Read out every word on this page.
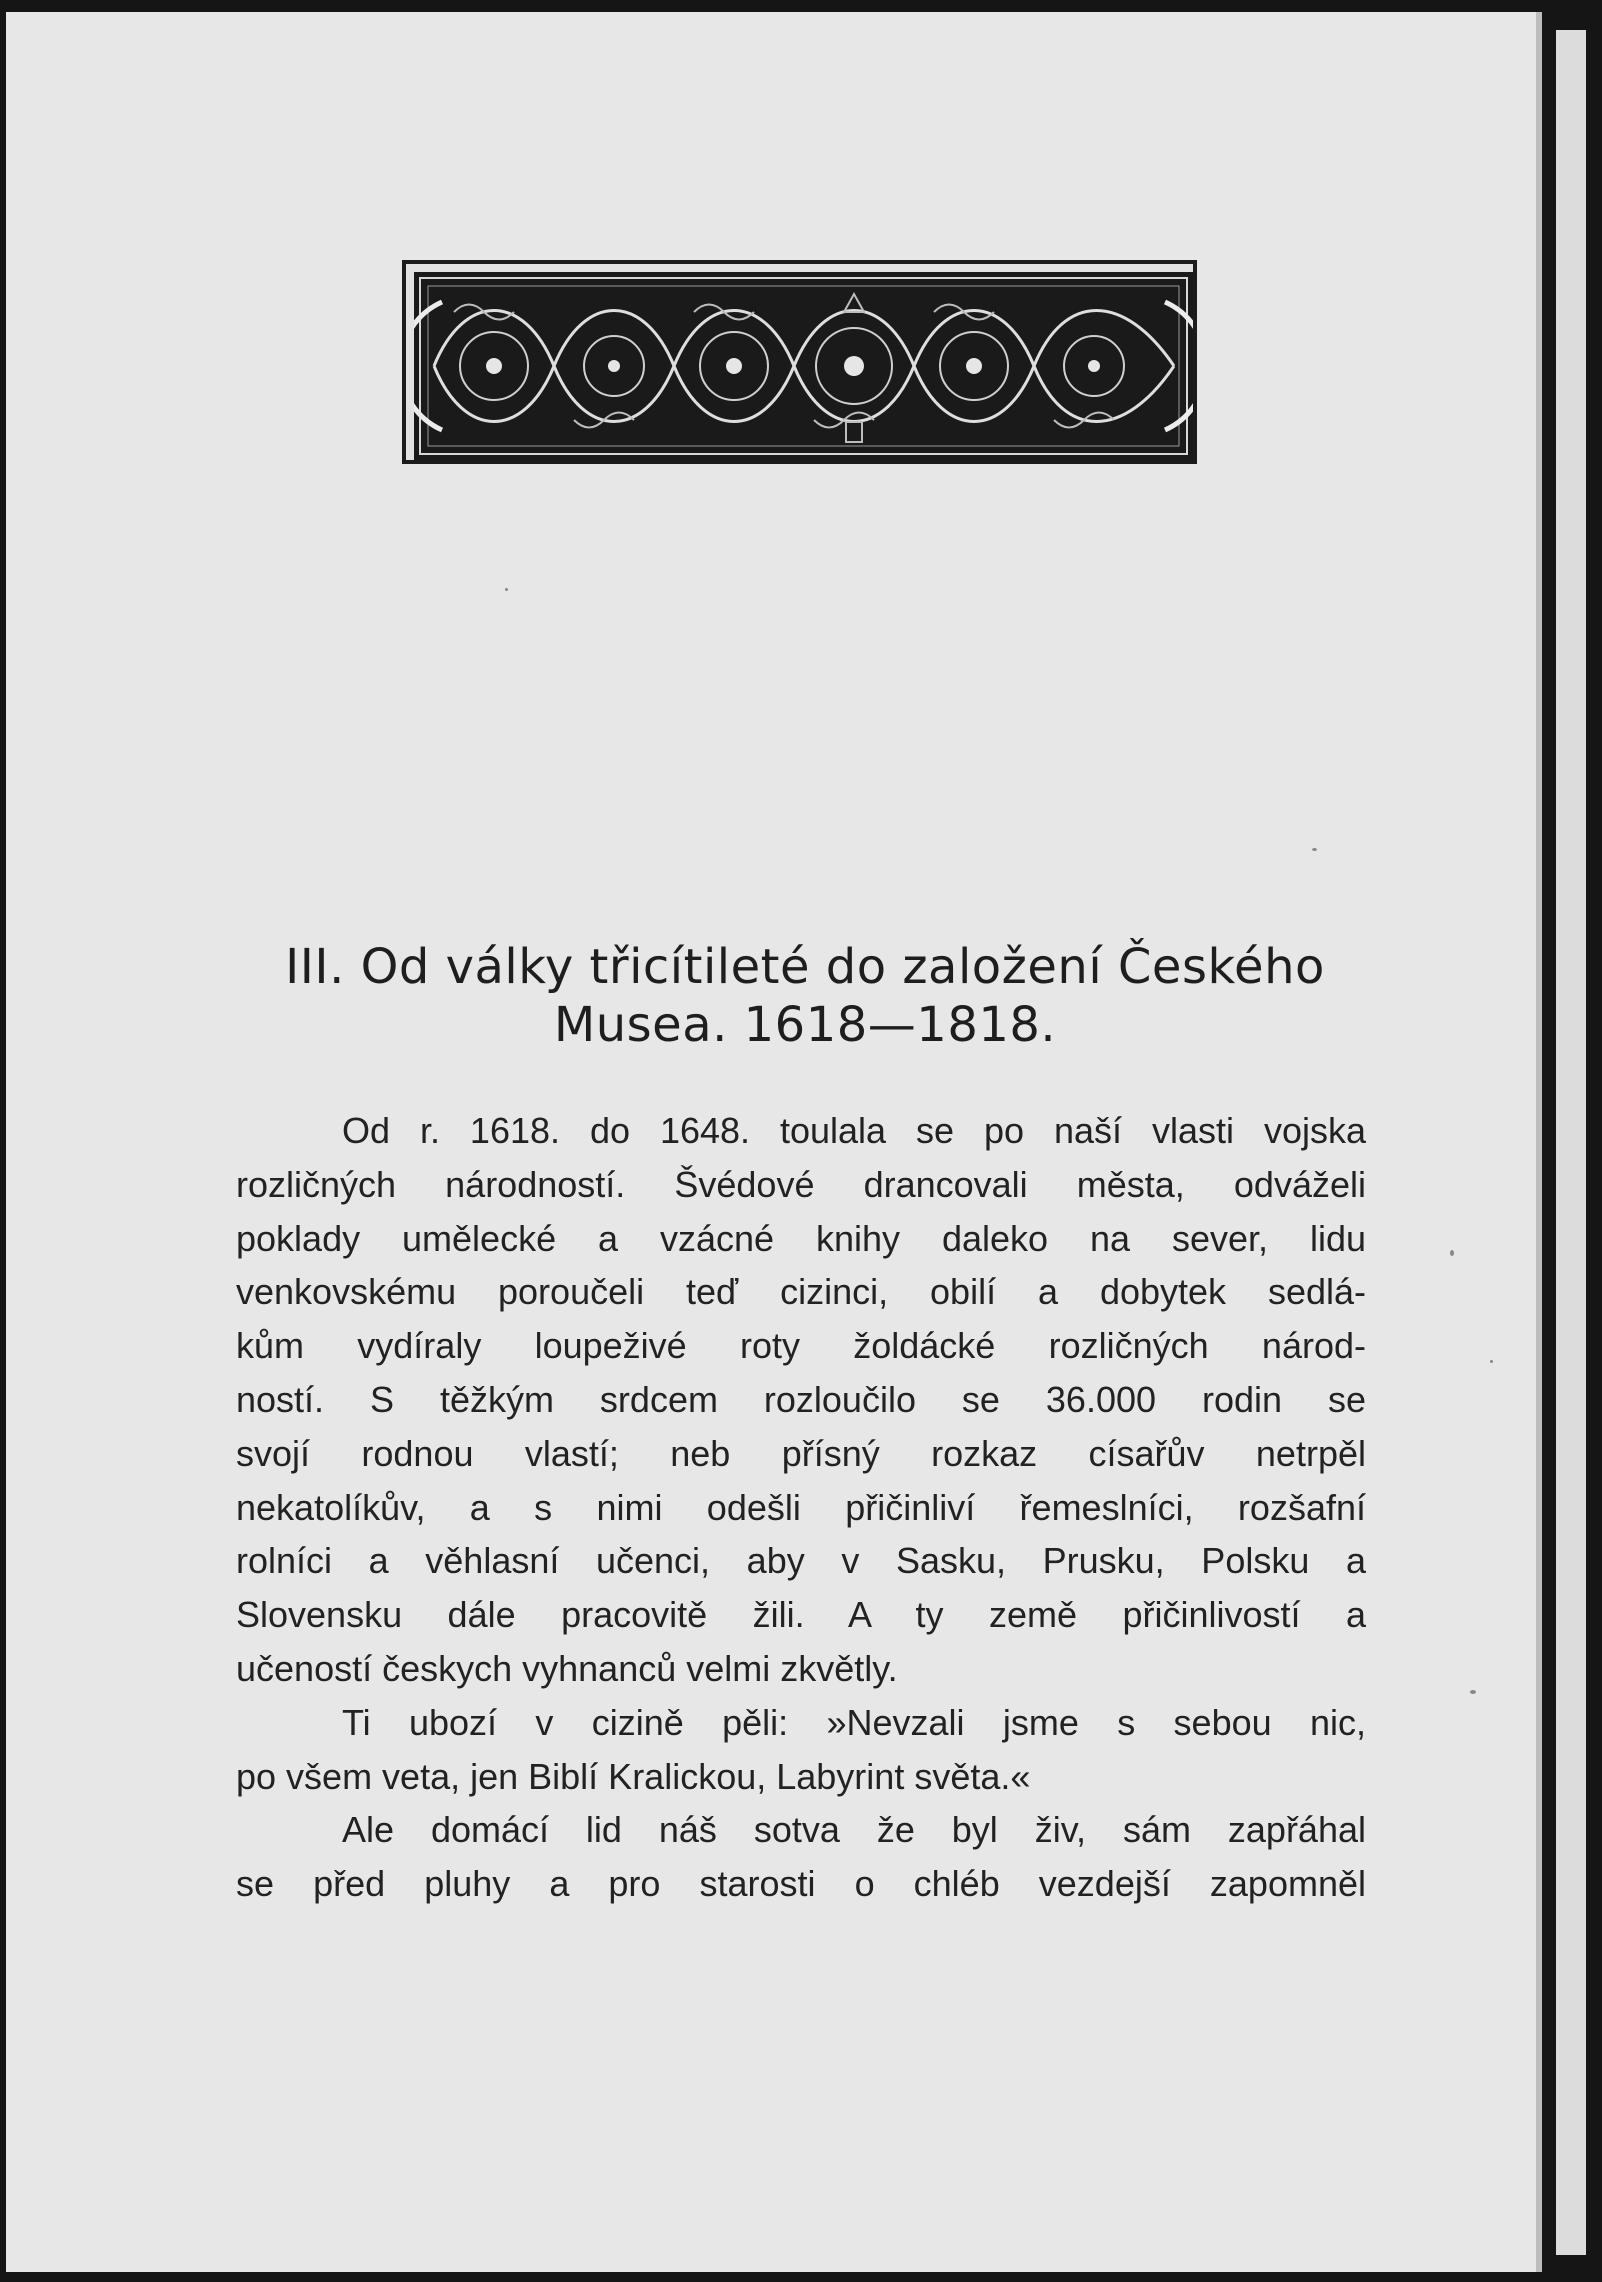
III. Od války třicítileté do založení Českého
Musea. 1618—1818.
Od r. 1618. do 1648. toulala se po naší vlasti vojska
rozličných národností. Švédové drancovali města, odváželi
poklady umělecké a vzácné knihy daleko na sever, lidu
venkovskému poroučeli teď cizinci, obilí a dobytek sedlá-
kům vydíraly loupeživé roty žoldácké rozličných národ-
ností. S těžkým srdcem rozloučilo se 36.000 rodin se
svojí rodnou vlastí; neb přísný rozkaz císařův netrpěl
nekatolíkův, a s nimi odešli přičinliví řemeslníci, rozšafní
rolníci a věhlasní učenci, aby v Sasku, Prusku, Polsku a
Slovensku dále pracovitě žili. A ty země přičinlivostí a
učeností českych vyhnanců velmi zkvětly.
Ti ubozí v cizině pěli: »Nevzali jsme s sebou nic,
po všem veta, jen Biblí Kralickou, Labyrint světa.«
Ale domácí lid náš sotva že byl živ, sám zapřáhal
se před pluhy a pro starosti o chléb vezdejší zapomněl
